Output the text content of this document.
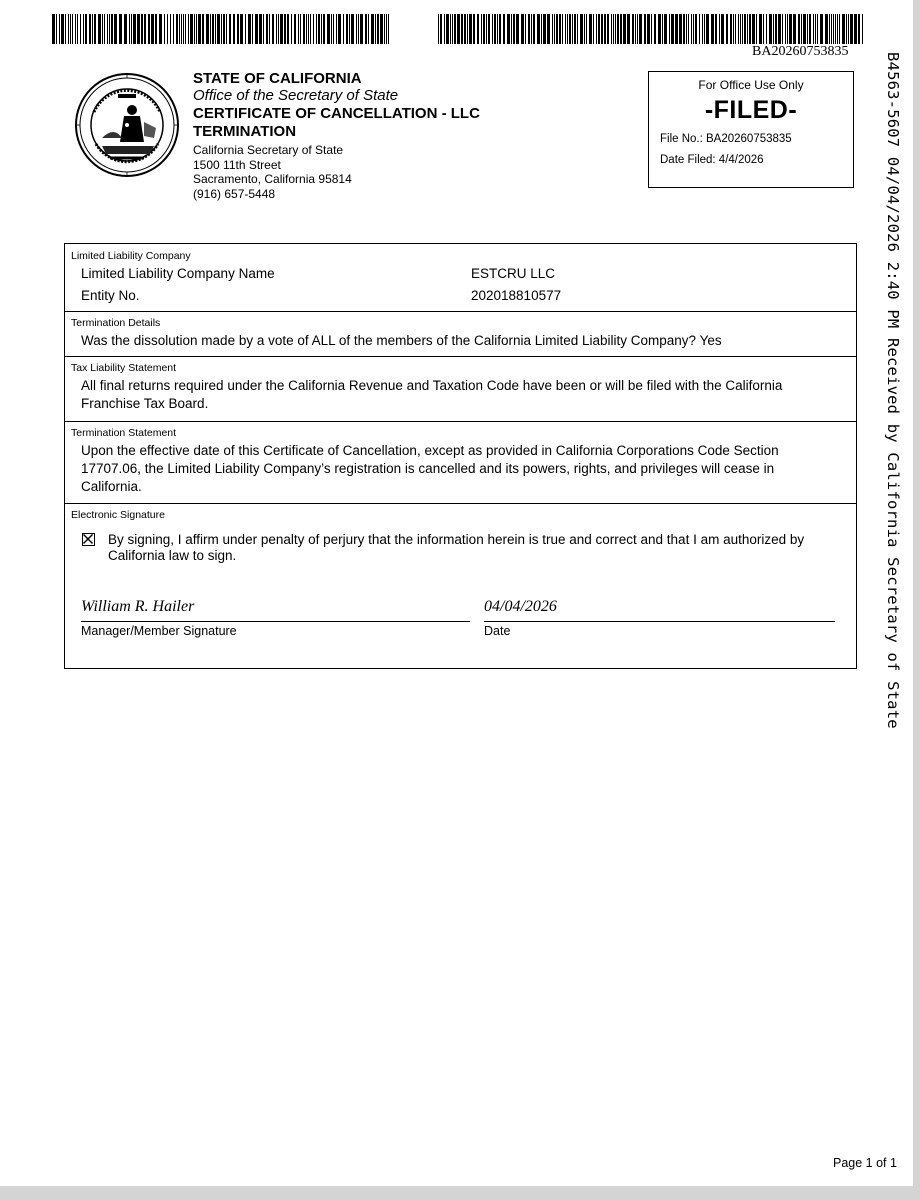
BA20260753835
B4563-5607 04/04/2026 2:40 PM Received by California Secretary of State
STATE OF CALIFORNIA
Office of the Secretary of State
CERTIFICATE OF CANCELLATION - LLC
TERMINATION
California Secretary of State
1500 11th Street
Sacramento, California 95814
(916) 657-5448
For Office Use Only
-FILED-
File No.: BA20260753835
Date Filed: 4/4/2026
Limited Liability Company
Limited Liability Company Name	ESTCRU LLC
Entity No.	202018810577
Termination Details
Was the dissolution made by a vote of ALL of the members of the California Limited Liability Company? Yes
Tax Liability Statement
All final returns required under the California Revenue and Taxation Code have been or will be filed with the California Franchise Tax Board.
Termination Statement
Upon the effective date of this Certificate of Cancellation, except as provided in California Corporations Code Section 17707.06, the Limited Liability Company’s registration is cancelled and its powers, rights, and privileges will cease in California.
Electronic Signature
By signing, I affirm under penalty of perjury that the information herein is true and correct and that I am authorized by California law to sign.
William R. Hailer
Manager/Member Signature
04/04/2026
Date
Page 1 of 1
